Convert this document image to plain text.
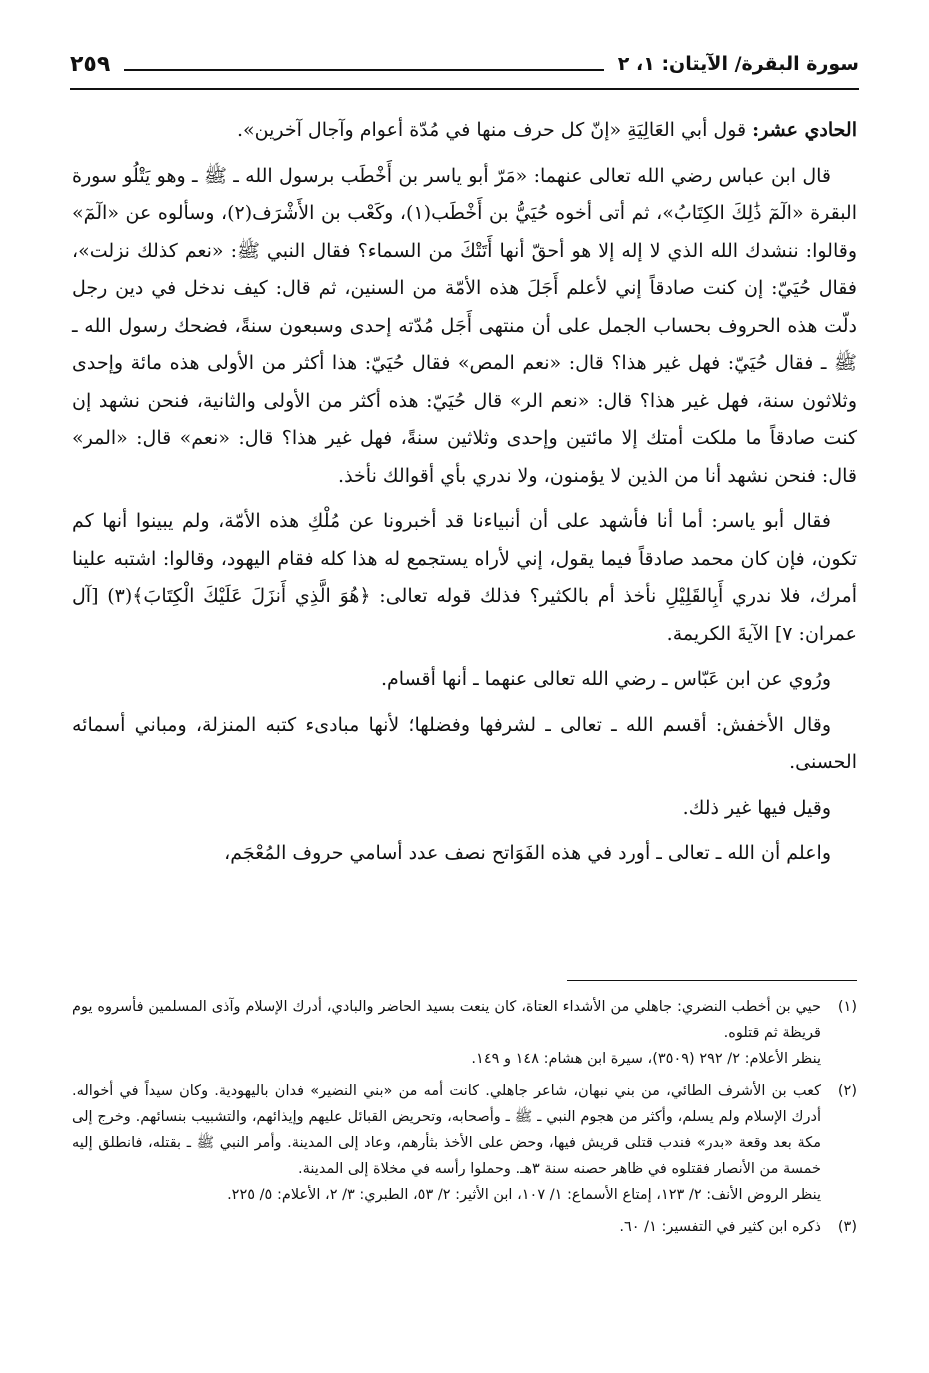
سورة البقرة/ الآيتان: ١، ٢
٢٥٩

الحادي عشر: قول أبي العَالِيَةِ «إنّ كل حرف منها في مُدّة أعوام وآجال آخرين».

قال ابن عباس رضي الله تعالى عنهما: «مَرّ أبو ياسر بن أَخْطَب برسول الله ـ ﷺ ـ وهو يَتْلُو سورة البقرة «الٓمٓ ذَٰلِكَ الكِتَابُ»، ثم أتى أخوه حُيَيُّ بن أَخْطَب(١)، وكَعْب بن الأَشْرَف(٢)، وسألوه عن «الٓمٓ» وقالوا: ننشدك الله الذي لا إله إلا هو أحقّ أنها أَتَتْكَ من السماء؟ فقال النبي ﷺ: «نعم كذلك نزلت»، فقال حُيَيّ: إن كنت صادقاً إني لأعلم أَجَلَ هذه الأمّة من السنين، ثم قال: كيف ندخل في دين رجل دلّت هذه الحروف بحساب الجمل على أن منتهى أَجَل مُدّته إحدى وسبعون سنةً، فضحك رسول الله ـ ﷺ ـ فقال حُيَيّ: فهل غير هذا؟ قال: «نعم المص» فقال حُيَيّ: هذا أكثر من الأولى هذه مائة وإحدى وثلاثون سنة، فهل غير هذا؟ قال: «نعم الر» قال حُيَيّ: هذه أكثر من الأولى والثانية، فنحن نشهد إن كنت صادقاً ما ملكت أمتك إلا مائتين وإحدى وثلاثين سنةً، فهل غير هذا؟ قال: «نعم» قال: «المر» قال: فنحن نشهد أنا من الذين لا يؤمنون، ولا ندري بأي أقوالك نأخذ.

فقال أبو ياسر: أما أنا فأشهد على أن أنبياءنا قد أخبرونا عن مُلْكِ هذه الأمّة، ولم يبينوا أنها كم تكون، فإن كان محمد صادقاً فيما يقول، إني لأراه يستجمع له هذا كله فقام اليهود، وقالوا: اشتبه علينا أمرك، فلا ندري أَبِالقَلِيْلِ نأخذ أم بالكثير؟ فذلك قوله تعالى: ﴿هُوَ الَّذِي أَنزَلَ عَلَيْكَ الْكِتَابَ﴾(٣) [آل عمران: ٧] الآيةَ الكريمة.

ورُوي عن ابن عَبّاس ـ رضي الله تعالى عنهما ـ أنها أقسام.

وقال الأخفش: أقسم الله ـ تعالى ـ لشرفها وفضلها؛ لأنها مبادىء كتبه المنزلة، ومباني أسمائه الحسنى.

وقيل فيها غير ذلك.

واعلم أن الله ـ تعالى ـ أورد في هذه الفَوَاتح نصف عدد أسامي حروف المُعْجَم،

(١)
حيي بن أخطب النضري: جاهلي من الأشداء العتاة، كان ينعت بسيد الحاضر والبادي، أدرك الإسلام وآذى المسلمين فأسروه يوم قريظة ثم قتلوه.
ينظر الأعلام: ٢/ ٢٩٢ (٣٥٠٩)، سيرة ابن هشام: ١٤٨ و ١٤٩.
(٢)
كعب بن الأشرف الطائي، من بني نبهان، شاعر جاهلي. كانت أمه من «بني النضير» فدان باليهودية. وكان سيداً في أخواله. أدرك الإسلام ولم يسلم، وأكثر من هجوم النبي ـ ﷺ ـ وأصحابه، وتحريض القبائل عليهم وإيذائهم، والتشبيب بنسائهم. وخرج إلى مكة بعد وقعة «بدر» فندب قتلى قريش فيها، وحض على الأخذ بثأرهم، وعاد إلى المدينة. وأمر النبي ﷺ ـ بقتله، فانطلق إليه خمسة من الأنصار فقتلوه في ظاهر حصنه سنة ٣هـ. وحملوا رأسه في مخلاة إلى المدينة.
ينظر الروض الأنف: ٢/ ١٢٣، إمتاع الأسماع: ١/ ١٠٧، ابن الأثير: ٢/ ٥٣، الطبري: ٣/ ٢، الأعلام: ٥/ ٢٢٥.
(٣)
ذكره ابن كثير في التفسير: ١/ ٦٠.
